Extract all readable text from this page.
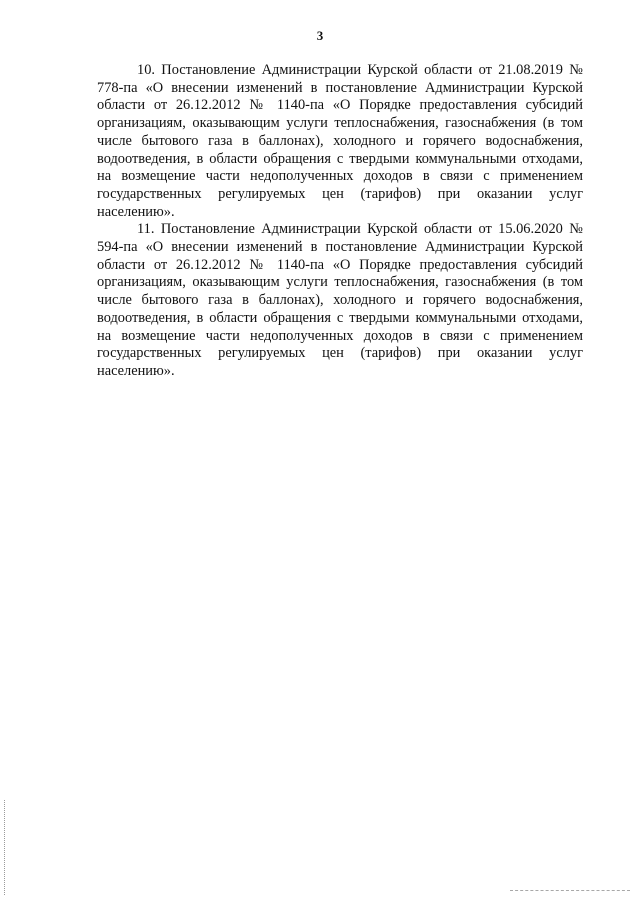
3

10. Постановление Администрации Курской области от 21.08.2019 № 778-па «О внесении изменений в постановление Администрации Курской области от 26.12.2012 № 1140-па «О Порядке предоставления субсидий организациям, оказывающим услуги теплоснабжения, газоснабжения (в том числе бытового газа в баллонах), холодного и горячего водоснабжения, водоотведения, в области обращения с твердыми коммунальными отходами, на возмещение части недополученных доходов в связи с применением государственных регулируемых цен (тарифов) при оказании услуг населению».

11. Постановление Администрации Курской области от 15.06.2020 № 594-па «О внесении изменений в постановление Администрации Курской области от 26.12.2012 № 1140-па «О Порядке предоставления субсидий организациям, оказывающим услуги теплоснабжения, газоснабжения (в том числе бытового газа в баллонах), холодного и горячего водоснабжения, водоотведения, в области обращения с твердыми коммунальными отходами, на возмещение части недополученных доходов в связи с применением государственных регулируемых цен (тарифов) при оказании услуг населению».
